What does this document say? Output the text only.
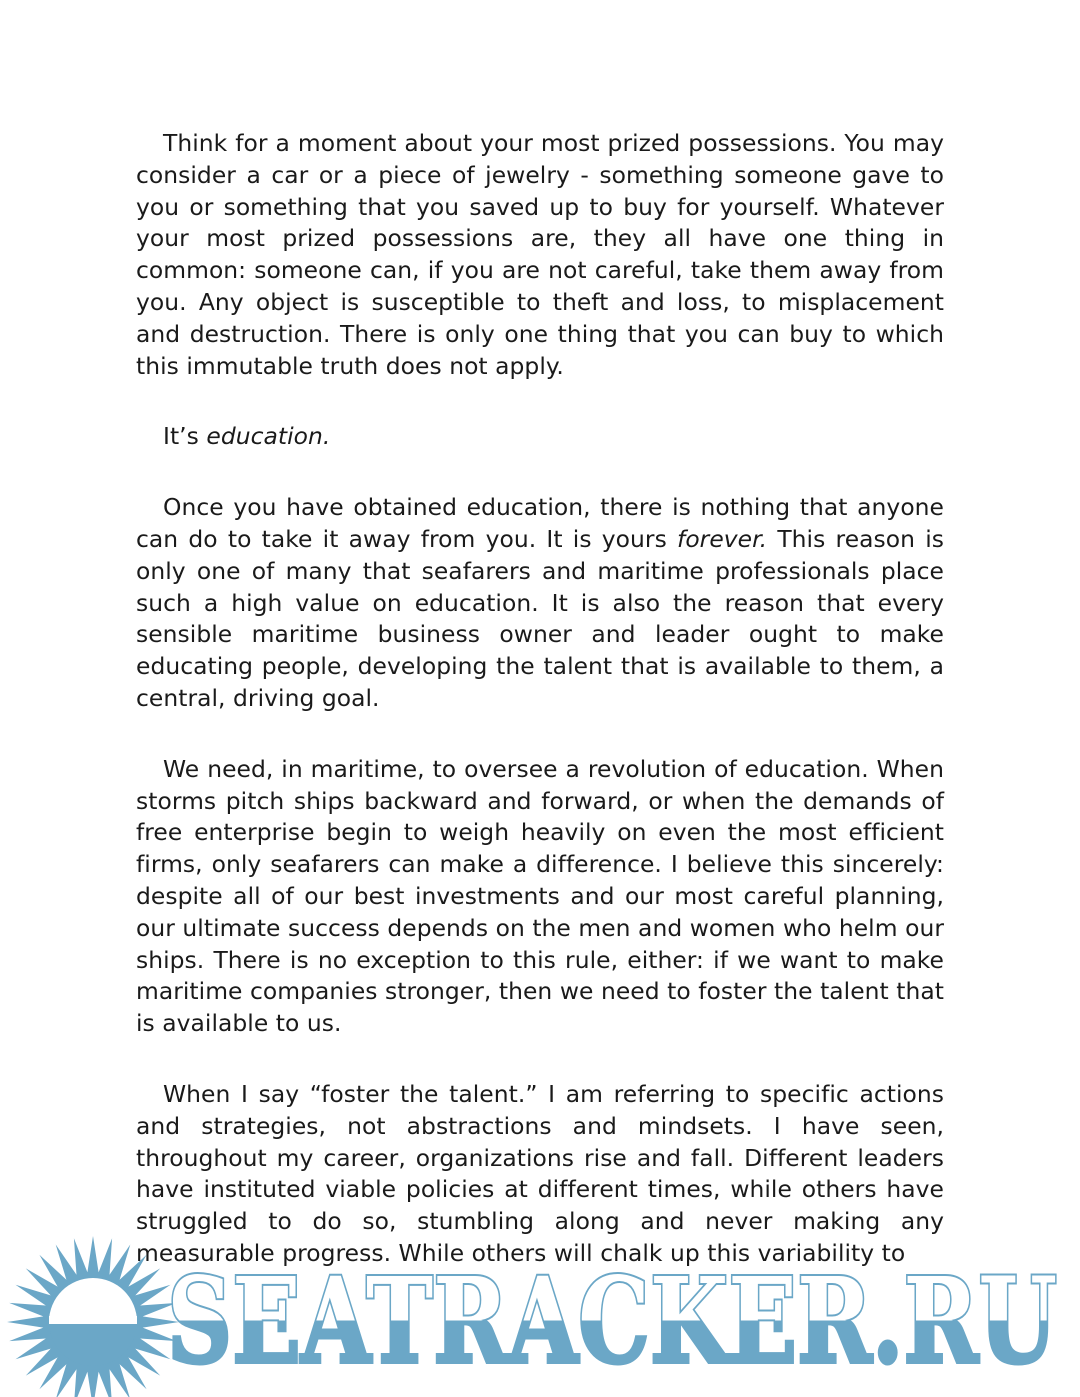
Think for a moment about your most prized possessions. You may consider a car or a piece of jewelry - something someone gave to you or something that you saved up to buy for yourself. Whatever your most prized possessions are, they all have one thing in common: someone can, if you are not careful, take them away from you. Any object is susceptible to theft and loss, to misplacement and destruction. There is only one thing that you can buy to which this immutable truth does not apply.

It’s education.

Once you have obtained education, there is nothing that anyone can do to take it away from you. It is yours forever. This reason is only one of many that seafarers and maritime professionals place such a high value on education. It is also the reason that every sensible maritime business owner and leader ought to make educating people, developing the talent that is available to them, a central, driving goal.

We need, in maritime, to oversee a revolution of education. When storms pitch ships backward and forward, or when the demands of free enterprise begin to weigh heavily on even the most efficient firms, only seafarers can make a difference. I believe this sincerely: despite all of our best investments and our most careful planning, our ultimate success depends on the men and women who helm our ships. There is no exception to this rule, either: if we want to make maritime companies stronger, then we need to foster the talent that is available to us.

When I say “foster the talent.” I am referring to specific actions and strategies, not abstractions and mindsets. I have seen, throughout my career, organizations rise and fall. Different leaders have instituted viable policies at different times, while others have struggled to do so, stumbling along and never making any measurable progress. While others will chalk up this variability to

SEATRACKER.RU
